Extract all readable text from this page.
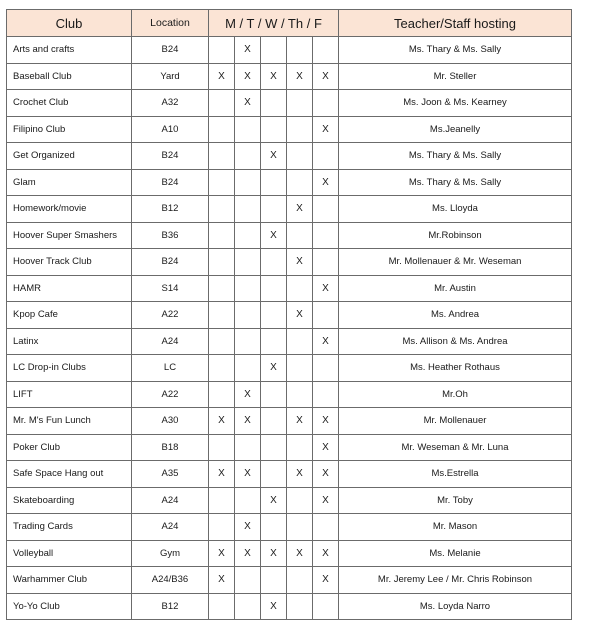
Club	Location	M / T / W / Th / F					Teacher/Staff hosting
Arts and crafts	B24		X				Ms. Thary & Ms. Sally
Baseball Club	Yard	X	X	X	X	X	Mr. Steller
Crochet Club	A32		X				Ms. Joon & Ms. Kearney
Filipino Club	A10					X	Ms.Jeanelly
Get Organized	B24			X			Ms. Thary & Ms. Sally
Glam	B24					X	Ms. Thary & Ms. Sally
Homework/movie	B12				X		Ms. Lloyda
Hoover Super Smashers	B36			X			Mr.Robinson
Hoover Track Club	B24				X		Mr. Mollenauer & Mr. Weseman
HAMR	S14					X	Mr. Austin
Kpop Cafe	A22				X		Ms. Andrea
Latinx	A24					X	Ms. Allison & Ms. Andrea
LC Drop-in Clubs	LC			X			Ms. Heather Rothaus
LIFT	A22		X				Mr.Oh
Mr. M's Fun Lunch	A30	X	X		X	X	Mr. Mollenauer
Poker Club	B18					X	Mr. Weseman & Mr. Luna
Safe Space Hang out	A35	X	X		X	X	Ms.Estrella
Skateboarding	A24			X		X	Mr. Toby
Trading Cards	A24		X				Mr. Mason
Volleyball	Gym	X	X	X	X	X	Ms. Melanie
Warhammer Club	A24/B36	X				X	Mr. Jeremy Lee / Mr. Chris Robinson
Yo-Yo Club	B12			X			Ms. Loyda Narro
